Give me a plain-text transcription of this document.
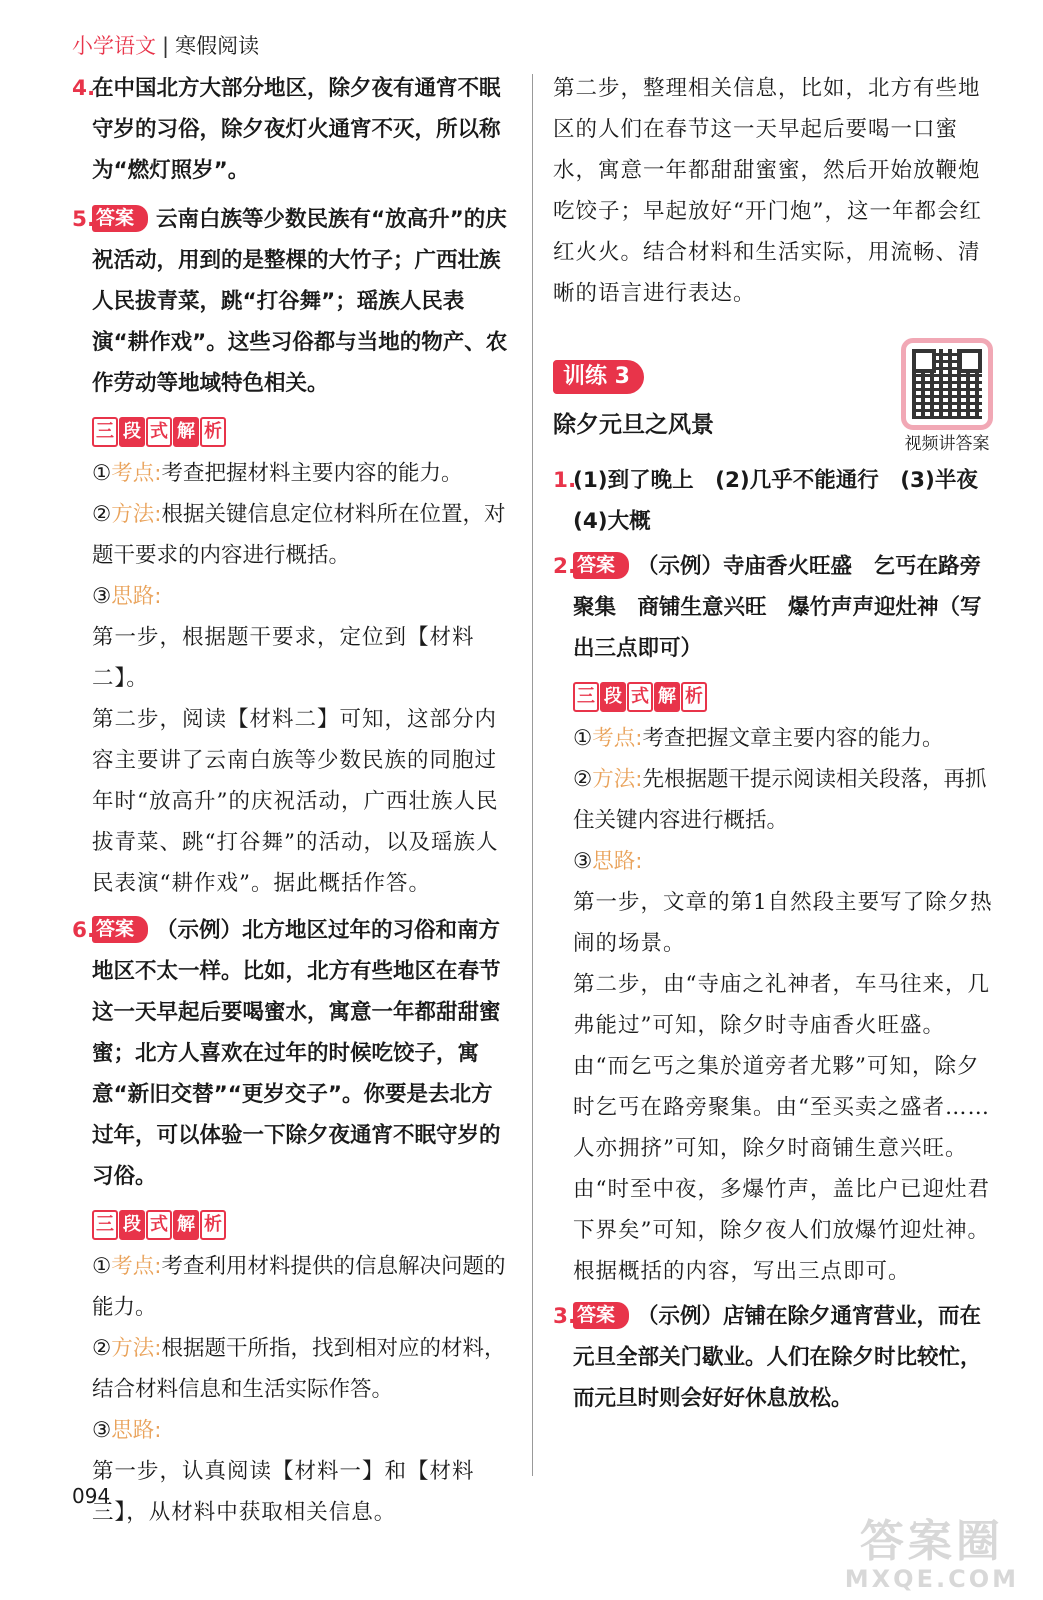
小学语文 | 寒假阅读
4.
在中国北方大部分地区，除夕夜有通宵不眠守岁的习俗，除夕夜灯火通宵不灭，所以称为“燃灯照岁”。
5. 答案 云南白族等少数民族有“放高升”的庆祝活动，用到的是整棵的大竹子；广西壮族人民拔青菜，跳“打谷舞”；瑶族人民表演“耕作戏”。这些习俗都与当地的物产、农作劳动等地域特色相关。
三 段 式 解 析
①考点:考查把握材料主要内容的能力。
②方法:根据关键信息定位材料所在位置，对题干要求的内容进行概括。
③思路:
第一步，根据题干要求，定位到【材料二】。
第二步，阅读【材料二】可知，这部分内容主要讲了云南白族等少数民族的同胞过年时“放高升”的庆祝活动，广西壮族人民拔青菜、跳“打谷舞”的活动，以及瑶族人民表演“耕作戏”。据此概括作答。
6. 答案 （示例）北方地区过年的习俗和南方地区不太一样。比如，北方有些地区在春节这一天早起后要喝蜜水，寓意一年都甜甜蜜蜜；北方人喜欢在过年的时候吃饺子，寓意“新旧交替”“更岁交子”。你要是去北方过年，可以体验一下除夕夜通宵不眠守岁的习俗。
三 段 式 解 析
①考点:考查利用材料提供的信息解决问题的能力。
②方法:根据题干所指，找到相对应的材料，结合材料信息和生活实际作答。
③思路:
第一步，认真阅读【材料一】和【材料三】，从材料中获取相关信息。
第二步，整理相关信息，比如，北方有些地区的人们在春节这一天早起后要喝一口蜜水，寓意一年都甜甜蜜蜜，然后开始放鞭炮吃饺子；早起放好“开门炮”，这一年都会红红火火。结合材料和生活实际，用流畅、清晰的语言进行表达。
训练 3
除夕元旦之风景
视频讲答案
1.
(1)到了晚上　(2)几乎不能通行　(3)半夜　(4)大概
2. 答案 （示例）寺庙香火旺盛　乞丐在路旁聚集　商铺生意兴旺　爆竹声声迎灶神（写出三点即可）
三 段 式 解 析
①考点:考查把握文章主要内容的能力。
②方法:先根据题干提示阅读相关段落，再抓住关键内容进行概括。
③思路:
第一步，文章的第1自然段主要写了除夕热闹的场景。
第二步，由“寺庙之礼神者，车马往来，几弗能过”可知，除夕时寺庙香火旺盛。由“而乞丐之集於道旁者尤夥”可知，除夕时乞丐在路旁聚集。由“至买卖之盛者……人亦拥挤”可知，除夕时商铺生意兴旺。由“时至中夜，多爆竹声，盖比户已迎灶君下界矣”可知，除夕夜人们放爆竹迎灶神。根据概括的内容，写出三点即可。
3. 答案 （示例）店铺在除夕通宵营业，而在元旦全部关门歇业。人们在除夕时比较忙，而元旦时则会好好休息放松。
094
答案圈
MXQE.COM
